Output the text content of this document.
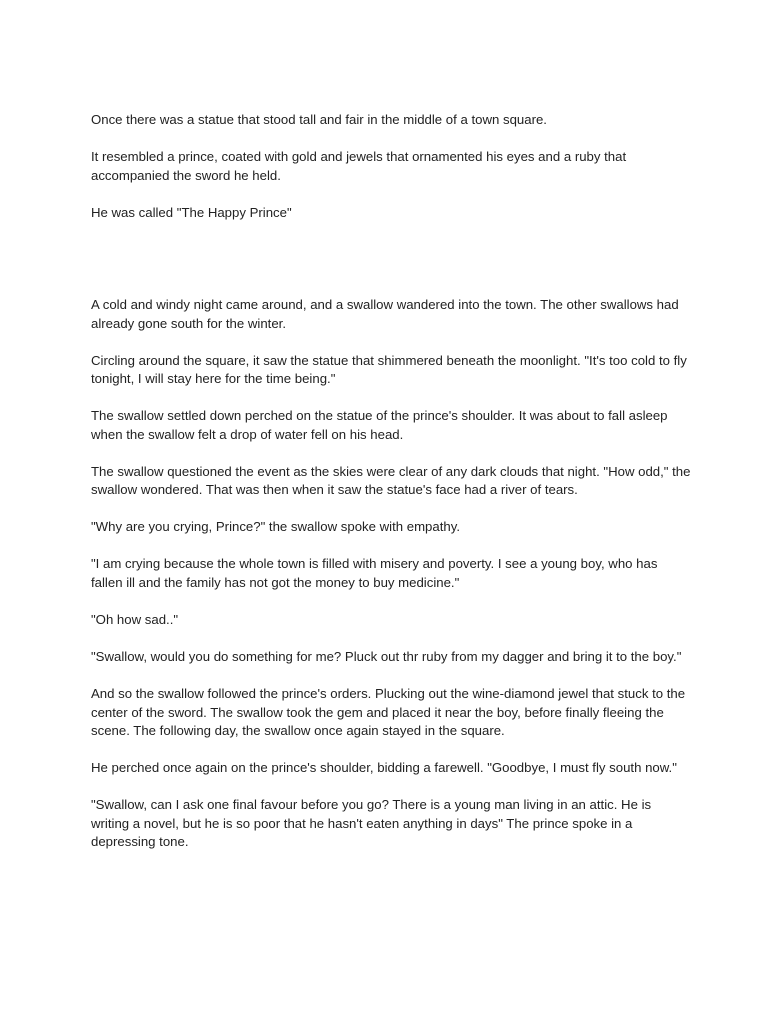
Once there was a statue that stood tall and fair in the middle of a town square.

It resembled a prince, coated with gold and jewels that ornamented his eyes and a ruby that accompanied the sword he held.

He was called "The Happy Prince"

A cold and windy night came around, and a swallow wandered into the town. The other swallows had already gone south for the winter.

Circling around the square, it saw the statue that shimmered beneath the moonlight. "It's too cold to fly tonight, I will stay here for the time being."

The swallow settled down perched on the statue of the prince's shoulder. It was about to fall asleep when the swallow felt a drop of water fell on his head.

The swallow questioned the event as the skies were clear of any dark clouds that night. "How odd," the swallow wondered. That was then when it saw the statue's face had a river of tears.

"Why are you crying, Prince?" the swallow spoke with empathy.

"I am crying because the whole town is filled with misery and poverty. I see a young boy, who has fallen ill and the family has not got the money to buy medicine."

"Oh how sad.."

"Swallow, would you do something for me? Pluck out thr ruby from my dagger and bring it to the boy."

And so the swallow followed the prince's orders. Plucking out the wine-diamond jewel that stuck to the center of the sword. The swallow took the gem and placed it near the boy, before finally fleeing the scene. The following day, the swallow once again stayed in the square.

He perched once again on the prince's shoulder, bidding a farewell. "Goodbye, I must fly south now."

"Swallow, can I ask one final favour before you go? There is a young man living in an attic. He is writing a novel, but he is so poor that he hasn't eaten anything in days" The prince spoke in a depressing tone.
